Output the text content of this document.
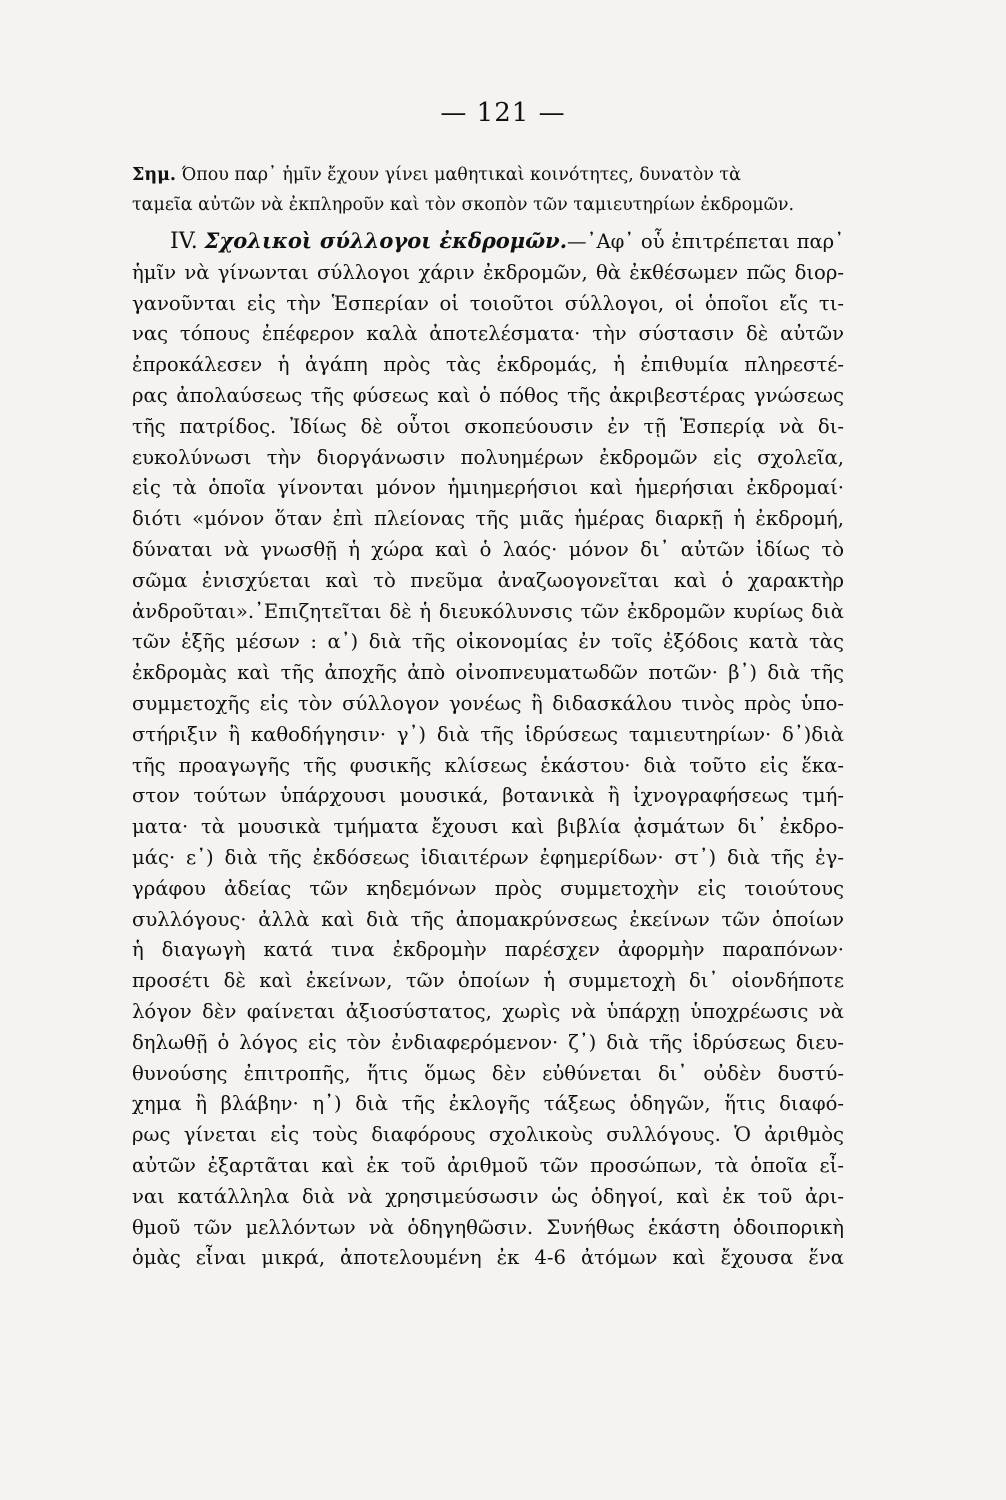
— 121 —
Σημ. Όπου παρ᾽ ἡμῖν ἔχουν γίνει μαθητικαὶ κοινότητες, δυνατὸν τὰ
ταμεῖα αὐτῶν νὰ ἐκπληροῦν καὶ τὸν σκοπὸν τῶν ταμιευτηρίων ἐκδρομῶν.
IV. Σχολικοὶ σύλλογοι ἐκδρομῶν.—᾽Αφ᾽ οὗ ἐπιτρέπεται παρ᾽
ἡμῖν νὰ γίνωνται σύλλογοι χάριν ἐκδρομῶν, θὰ ἐκθέσωμεν πῶς διορ-
γανοῦνται εἰς τὴν Ἑσπερίαν οἱ τοιοῦτοι σύλλογοι, οἱ ὁποῖοι εἴς τι-
νας τόπους ἐπέφερον καλὰ ἀποτελέσματα· τὴν σύστασιν δὲ αὐτῶν
ἐπροκάλεσεν ἡ ἀγάπη πρὸς τὰς ἐκδρομάς, ἡ ἐπιθυμία πληρεστέ-
ρας ἀπολαύσεως τῆς φύσεως καὶ ὁ πόθος τῆς ἀκριβεστέρας γνώσεως
τῆς πατρίδος. Ἰδίως δὲ οὗτοι σκοπεύουσιν ἐν τῇ Ἑσπερίᾳ νὰ δι-
ευκολύνωσι τὴν διοργάνωσιν πολυημέρων ἐκδρομῶν εἰς σχολεῖα,
εἰς τὰ ὁποῖα γίνονται μόνον ἡμιημερήσιοι καὶ ἡμερήσιαι ἐκδρομαί·
διότι «μόνον ὅταν ἐπὶ πλείονας τῆς μιᾶς ἡμέρας διαρκῇ ἡ ἐκδρομή,
δύναται νὰ γνωσθῇ ἡ χώρα καὶ ὁ λαός· μόνον δι᾽ αὐτῶν ἰδίως τὸ
σῶμα ἐνισχύεται καὶ τὸ πνεῦμα ἀναζωογονεῖται καὶ ὁ χαρακτὴρ
ἀνδροῦται».᾽Επιζητεῖται δὲ ἡ διευκόλυνσις τῶν ἐκδρομῶν κυρίως διὰ
τῶν ἑξῆς μέσων : α᾽) διὰ τῆς οἰκονομίας ἐν τοῖς ἐξόδοις κατὰ τὰς
ἐκδρομὰς καὶ τῆς ἀποχῆς ἀπὸ οἰνοπνευματωδῶν ποτῶν· β᾽) διὰ τῆς
συμμετοχῆς εἰς τὸν σύλλογον γονέως ἢ διδασκάλου τινὸς πρὸς ὑπο-
στήριξιν ἢ καθοδήγησιν· γ᾽) διὰ τῆς ἱδρύσεως ταμιευτηρίων· δ᾽)διὰ
τῆς προαγωγῆς τῆς φυσικῆς κλίσεως ἑκάστου· διὰ τοῦτο εἰς ἕκα-
στον τούτων ὑπάρχουσι μουσικά, βοτανικὰ ἢ ἰχνογραφήσεως τμή-
ματα· τὰ μουσικὰ τμήματα ἔχουσι καὶ βιβλία ᾀσμάτων δι᾽ ἐκδρο-
μάς· ε᾽) διὰ τῆς ἐκδόσεως ἰδιαιτέρων ἐφημερίδων· στ᾽) διὰ τῆς ἐγ-
γράφου ἀδείας τῶν κηδεμόνων πρὸς συμμετοχὴν εἰς τοιούτους
συλλόγους· ἀλλὰ καὶ διὰ τῆς ἀπομακρύνσεως ἐκείνων τῶν ὁποίων
ἡ διαγωγὴ κατά τινα ἐκδρομὴν παρέσχεν ἀφορμὴν παραπόνων·
προσέτι δὲ καὶ ἐκείνων, τῶν ὁποίων ἡ συμμετοχὴ δι᾽ οἱονδήποτε
λόγον δὲν φαίνεται ἀξιοσύστατος, χωρὶς νὰ ὑπάρχῃ ὑποχρέωσις νὰ
δηλωθῇ ὁ λόγος εἰς τὸν ἐνδιαφερόμενον· ζ᾽) διὰ τῆς ἱδρύσεως διευ-
θυνούσης ἐπιτροπῆς, ἥτις ὅμως δὲν εὐθύνεται δι᾽ οὐδὲν δυστύ-
χημα ἢ βλάβην· η᾽) διὰ τῆς ἐκλογῆς τάξεως ὁδηγῶν, ἥτις διαφό-
ρως γίνεται εἰς τοὺς διαφόρους σχολικοὺς συλλόγους. Ὁ ἀριθμὸς
αὐτῶν ἐξαρτᾶται καὶ ἐκ τοῦ ἀριθμοῦ τῶν προσώπων, τὰ ὁποῖα εἶ-
ναι κατάλληλα διὰ νὰ χρησιμεύσωσιν ὡς ὁδηγοί, καὶ ἐκ τοῦ ἀρι-
θμοῦ τῶν μελλόντων νὰ ὁδηγηθῶσιν. Συνήθως ἑκάστη ὁδοιπορικὴ
ὁμὰς εἶναι μικρά, ἀποτελουμένη ἐκ 4-6 ἀτόμων καὶ ἔχουσα ἕνα
